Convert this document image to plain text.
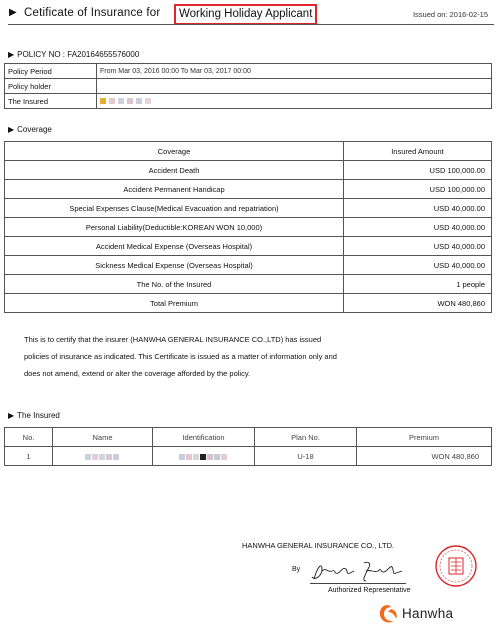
▶ Cetificate of Insurance for	Working Holiday Applicant	Issued on: 2016-02-15
▶ POLICY NO : FA20164655576000
Policy Period	From Mar 03, 2016 00:00 To Mar 03, 2017 00:00
Policy holder	
The Insured	
▶ Coverage
Coverage	Insured Amount
Accident Death	USD 100,000.00
Accident Permanent Handicap	USD 100,000.00
Special Expenses Clause(Medical Evacuation and repatriation)	USD 40,000.00
Personal Liability(Deductible:KOREAN WON 10,000)	USD 40,000.00
Accident Medical Expense (Overseas Hospital)	USD 40,000.00
Sickness Medical Expense (Overseas Hospital)	USD 40,000.00
The No. of the Insured	1 people
Total Premium	WON 480,860
This is to certify that the insurer (HANWHA GENERAL INSURANCE CO.,LTD) has issued
policies of insurance as indicated. This Certificate is issued as a matter of information only and
does not amend, extend or alter the coverage afforded by the policy.
▶ The Insured
No.	Name	Identification	Plan No.	Premium
1			U-18	WON 480,860
HANWHA GENERAL INSURANCE CO., LTD.
By
Authorized Representative
Hanwha
